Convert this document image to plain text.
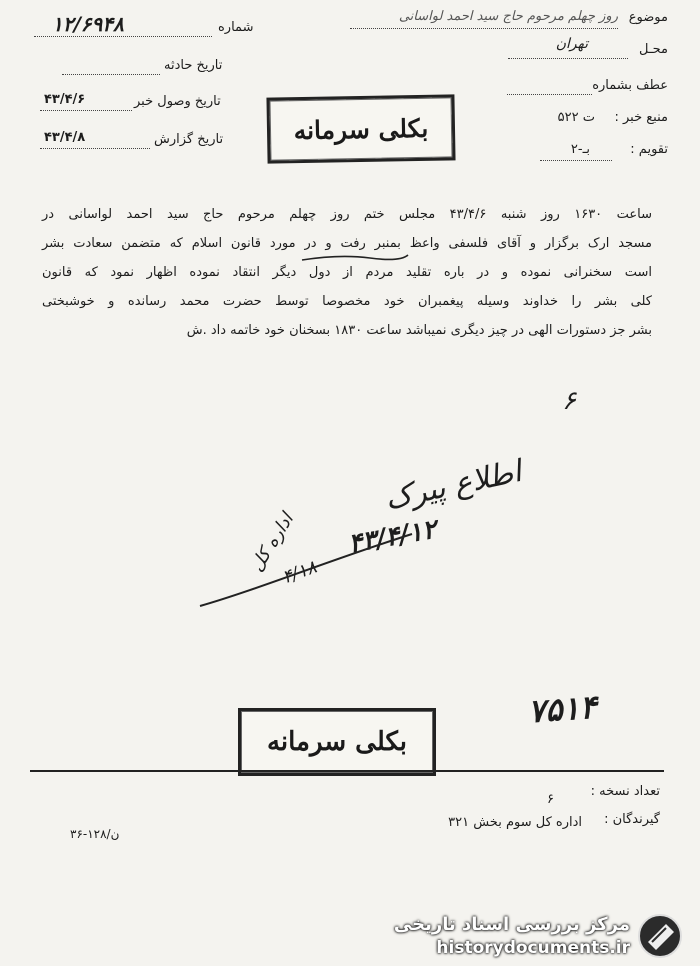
موضوع
روز چهلم مرحوم حاج سید احمد لواسانی
محـل
تهران
عطف بشماره
منبع خبر :
ت ۵۲۲
تقویم :
بـ-۲
شماره
۱۲/۶۹۴۸
تاریخ حادثه
تاریخ وصول خبر
۴۳/۴/۶
تاریخ گزارش
۴۳/۴/۸	بکلی سرمانه
ساعت ۱۶۳۰ روز شنبه ۴۳/۴/۶ مجلس ختم روز چهلم مرحوم حاج سید احمد لواسانی در
مسجد ارک برگزار و آقای فلسفی واعظ بمنبر رفت و در مورد قانون اسلام که متضمن سعادت بشر
است سخنرانی نموده و در باره تقلید مردم از دول دیگر انتقاد نموده اظهار نمود که قانون
کلی بشر را خداوند وسیله پیغمبران خود مخصوصا توسط حضرت محمد رسانده و خوشبختی
بشر جز دستورات الهی در چیز دیگری نمیباشد ساعت ۱۸۳۰ بسخنان خود خاتمه داد .ش
۶
اطلاع پیرک
۴۳/۴/۱۲
اداره کل
۴/۱۸
۷۵۱۴
بکلی سرمانه
تعداد نسخه :
۶
گیرندگان :
اداره کل سوم بخش ۳۲۱
۳۶-۱۲۸/ن
مرکز بررسی اسناد تاریخی
historydocuments.ir
